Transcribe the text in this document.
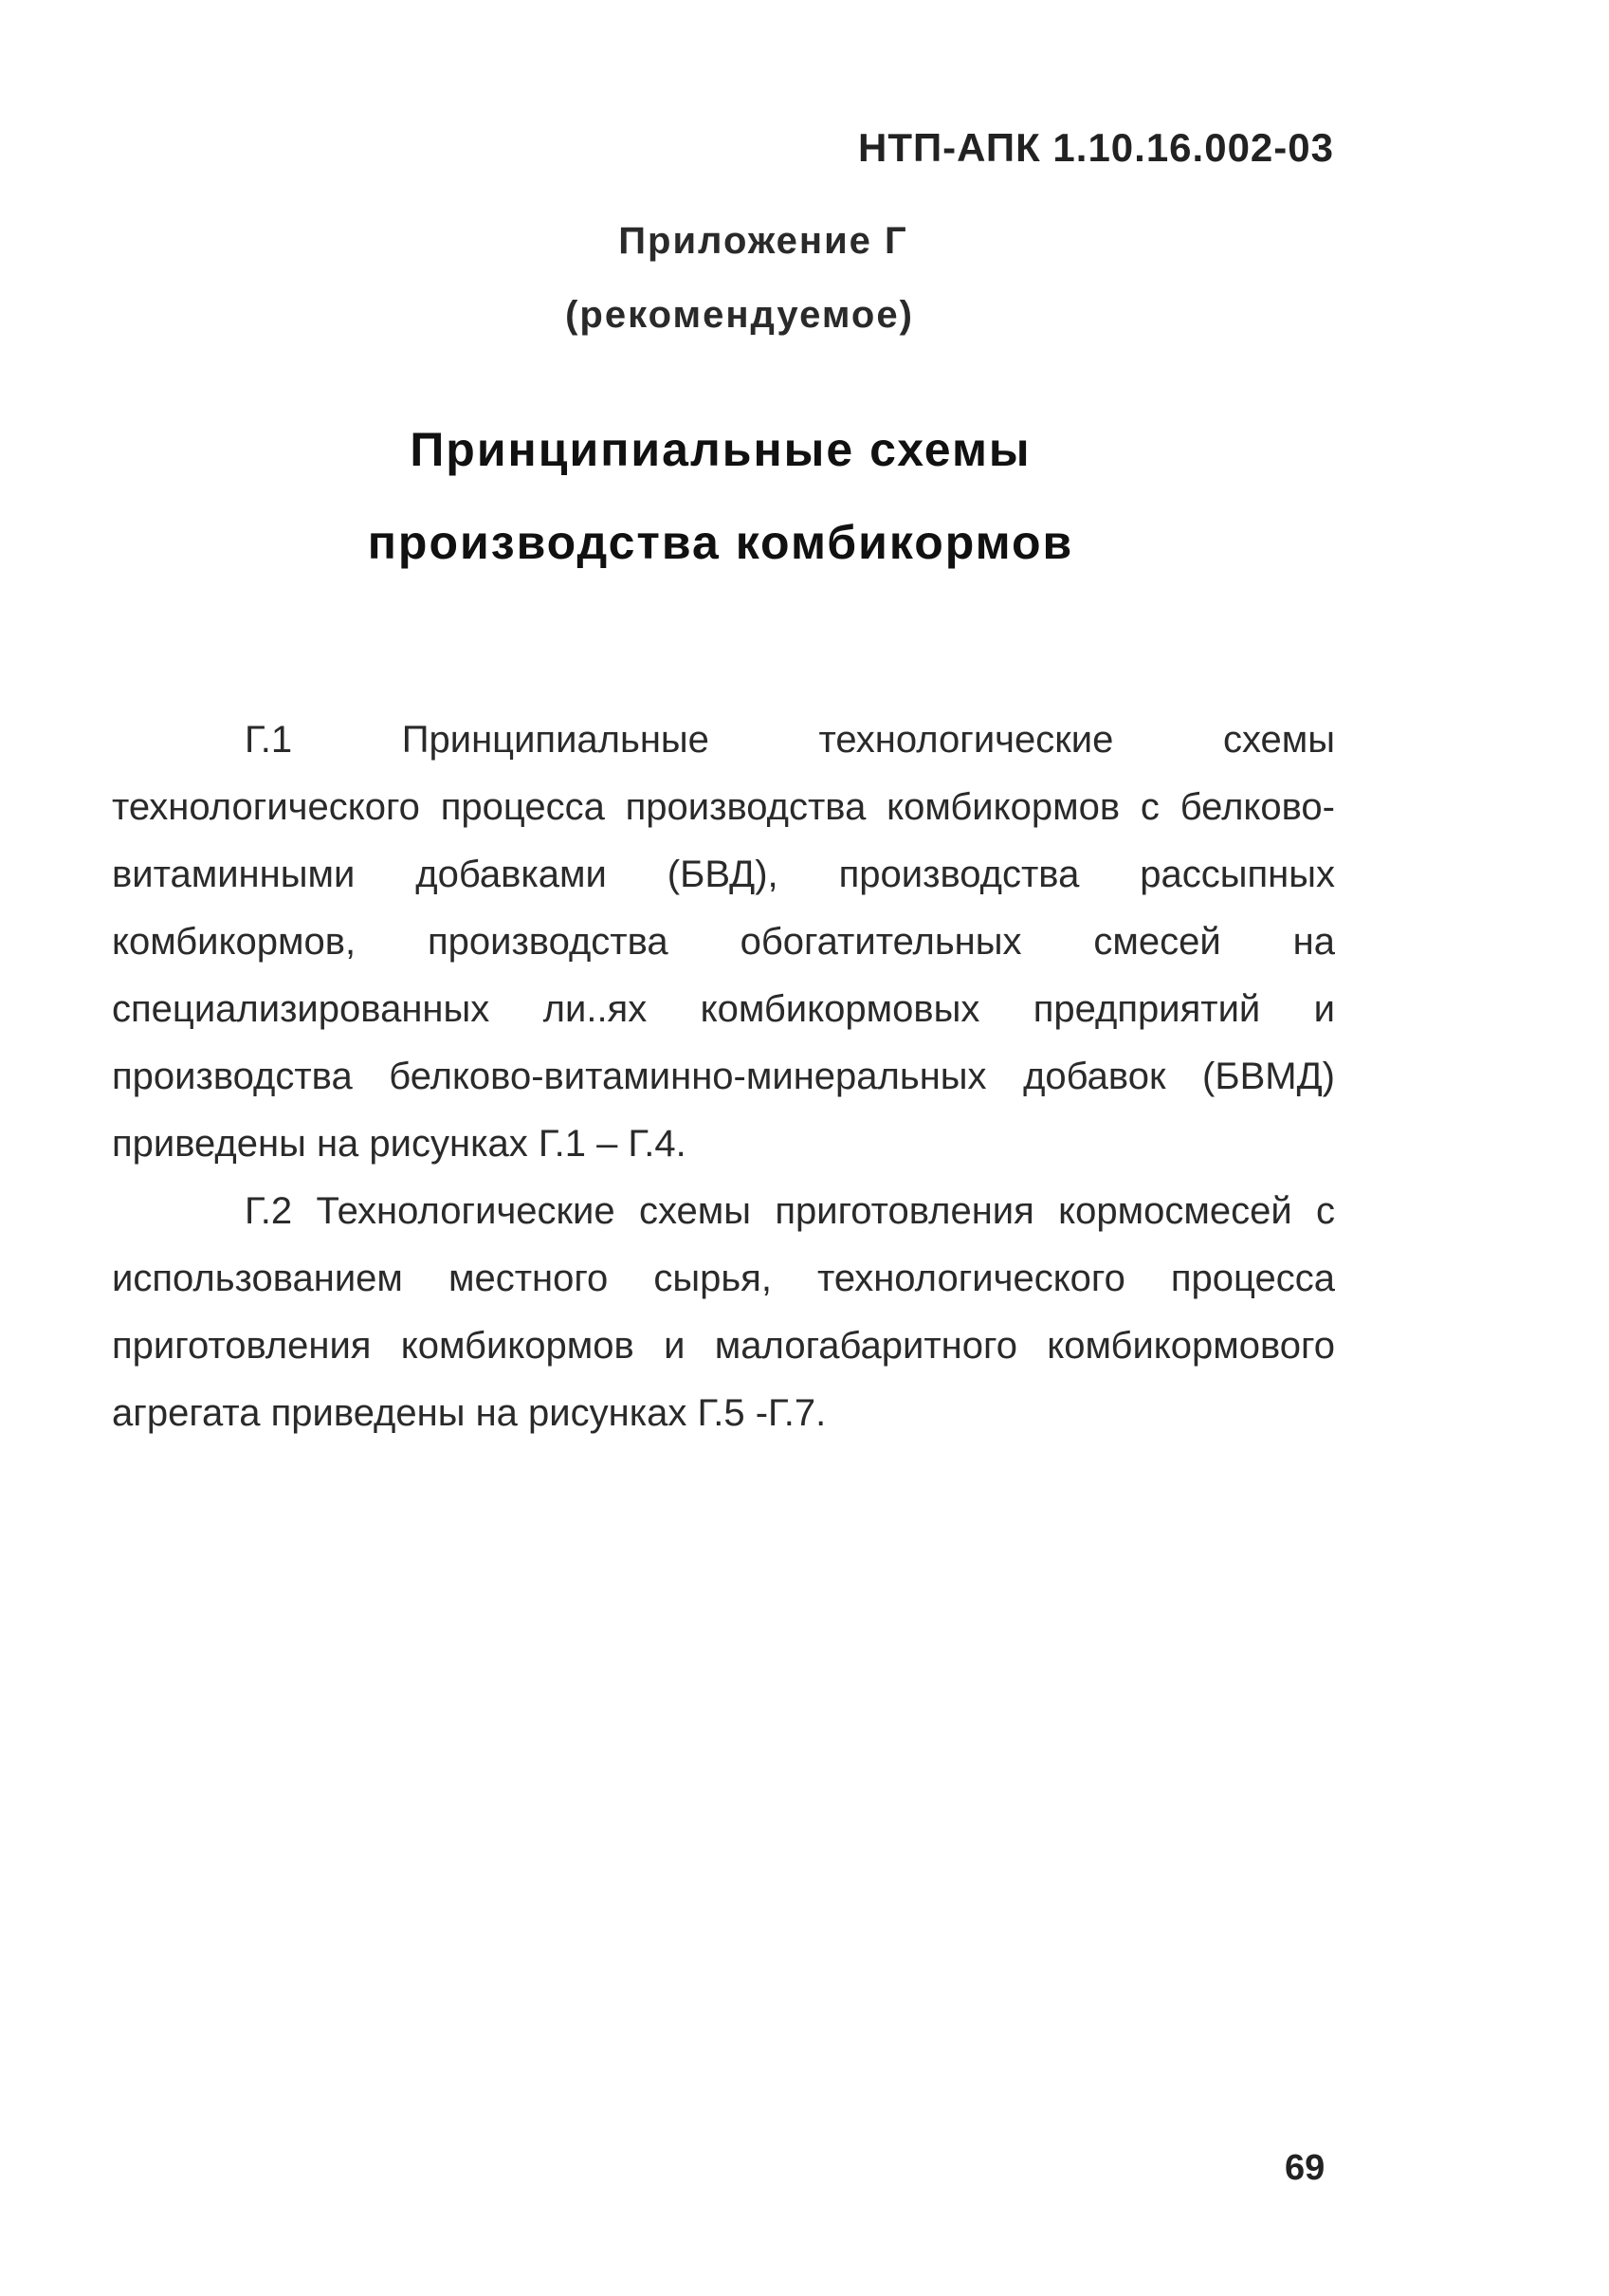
НТП-АПК 1.10.16.002-03
Приложение Г
(рекомендуемое)
Принципиальные схемы
производства комбикормов

Г.1 Принципиальные технологические схемы технологического процесса производства комбикормов с белково-витаминными добавками (БВД), производства рассыпных комбикормов, производства обогатительных смесей на специализированных ли..ях комбикормовых предприятий и производства белково-витаминно-минеральных добавок (БВМД) приведены на рисунках Г.1 – Г.4.

Г.2 Технологические схемы приготовления кормосмесей с использованием местного сырья, технологического процесса приготовления комбикормов и малогабаритного комбикормового агрегата приведены на рисунках Г.5 -Г.7.

69
